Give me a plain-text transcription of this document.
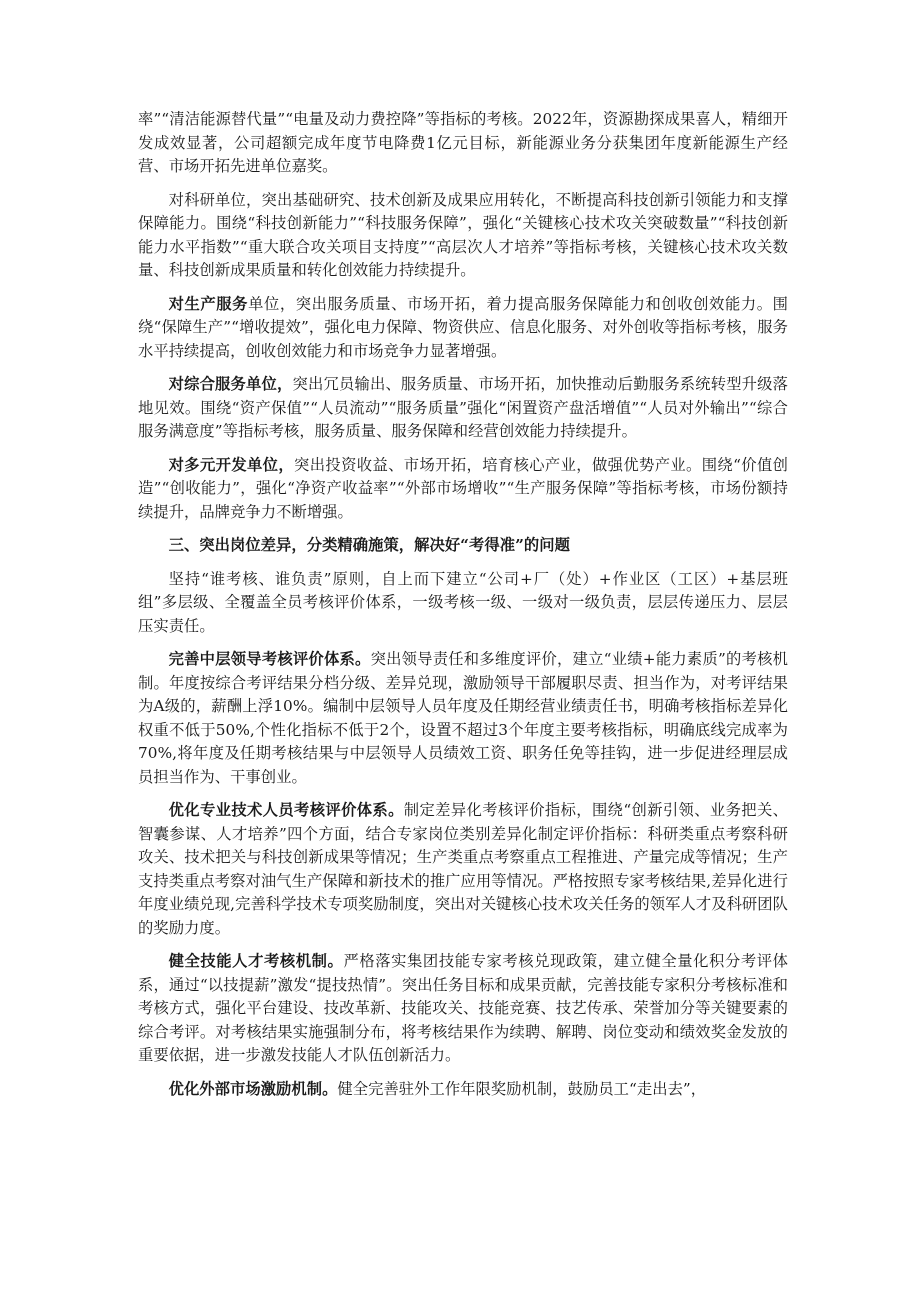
率”“清洁能源替代量”“电量及动力费控降”等指标的考核。2022年，资源勘探成果喜人，精细开发成效显著，公司超额完成年度节电降费1亿元目标，新能源业务分获集团年度新能源生产经营、市场开拓先进单位嘉奖。

对科研单位，突出基础研究、技术创新及成果应用转化，不断提高科技创新引领能力和支撑保障能力。围绕“科技创新能力”“科技服务保障”，强化“关键核心技术攻关突破数量”“科技创新能力水平指数”“重大联合攻关项目支持度”“高层次人才培养”等指标考核，关键核心技术攻关数量、科技创新成果质量和转化创效能力持续提升。

对生产服务单位，突出服务质量、市场开拓，着力提高服务保障能力和创收创效能力。围绕“保障生产”“增收提效”，强化电力保障、物资供应、信息化服务、对外创收等指标考核，服务水平持续提高，创收创效能力和市场竞争力显著增强。

对综合服务单位，突出冗员输出、服务质量、市场开拓，加快推动后勤服务系统转型升级落地见效。围绕“资产保值”“人员流动”“服务质量”强化“闲置资产盘活增值”“人员对外输出”“综合服务满意度”等指标考核，服务质量、服务保障和经营创效能力持续提升。

对多元开发单位，突出投资收益、市场开拓，培育核心产业，做强优势产业。围绕“价值创造”“创收能力”，强化“净资产收益率”“外部市场增收”“生产服务保障”等指标考核，市场份额持续提升，品牌竞争力不断增强。

三、突出岗位差异，分类精确施策，解决好“考得准”的问题

坚持“谁考核、谁负责”原则，自上而下建立“公司+厂（处）+作业区（工区）+基层班组”多层级、全覆盖全员考核评价体系，一级考核一级、一级对一级负责，层层传递压力、层层压实责任。

完善中层领导考核评价体系。突出领导责任和多维度评价，建立“业绩+能力素质”的考核机制。年度按综合考评结果分档分级、差异兑现，激励领导干部履职尽责、担当作为，对考评结果为A级的，薪酬上浮10%。编制中层领导人员年度及任期经营业绩责任书，明确考核指标差异化权重不低于50%,个性化指标不低于2个，设置不超过3个年度主要考核指标，明确底线完成率为70%,将年度及任期考核结果与中层领导人员绩效工资、职务任免等挂钩，进一步促进经理层成员担当作为、干事创业。

优化专业技术人员考核评价体系。制定差异化考核评价指标，围绕“创新引领、业务把关、智囊参谋、人才培养”四个方面，结合专家岗位类别差异化制定评价指标：科研类重点考察科研攻关、技术把关与科技创新成果等情况；生产类重点考察重点工程推进、产量完成等情况；生产支持类重点考察对油气生产保障和新技术的推广应用等情况。严格按照专家考核结果,差异化进行年度业绩兑现,完善科学技术专项奖励制度，突出对关键核心技术攻关任务的领军人才及科研团队的奖励力度。

健全技能人才考核机制。严格落实集团技能专家考核兑现政策，建立健全量化积分考评体系，通过“以技提薪”激发“提技热情”。突出任务目标和成果贡献，完善技能专家积分考核标准和考核方式，强化平台建设、技改革新、技能攻关、技能竞赛、技艺传承、荣誉加分等关键要素的综合考评。对考核结果实施强制分布，将考核结果作为续聘、解聘、岗位变动和绩效奖金发放的重要依据，进一步激发技能人才队伍创新活力。

优化外部市场激励机制。健全完善驻外工作年限奖励机制，鼓励员工“走出去”，
